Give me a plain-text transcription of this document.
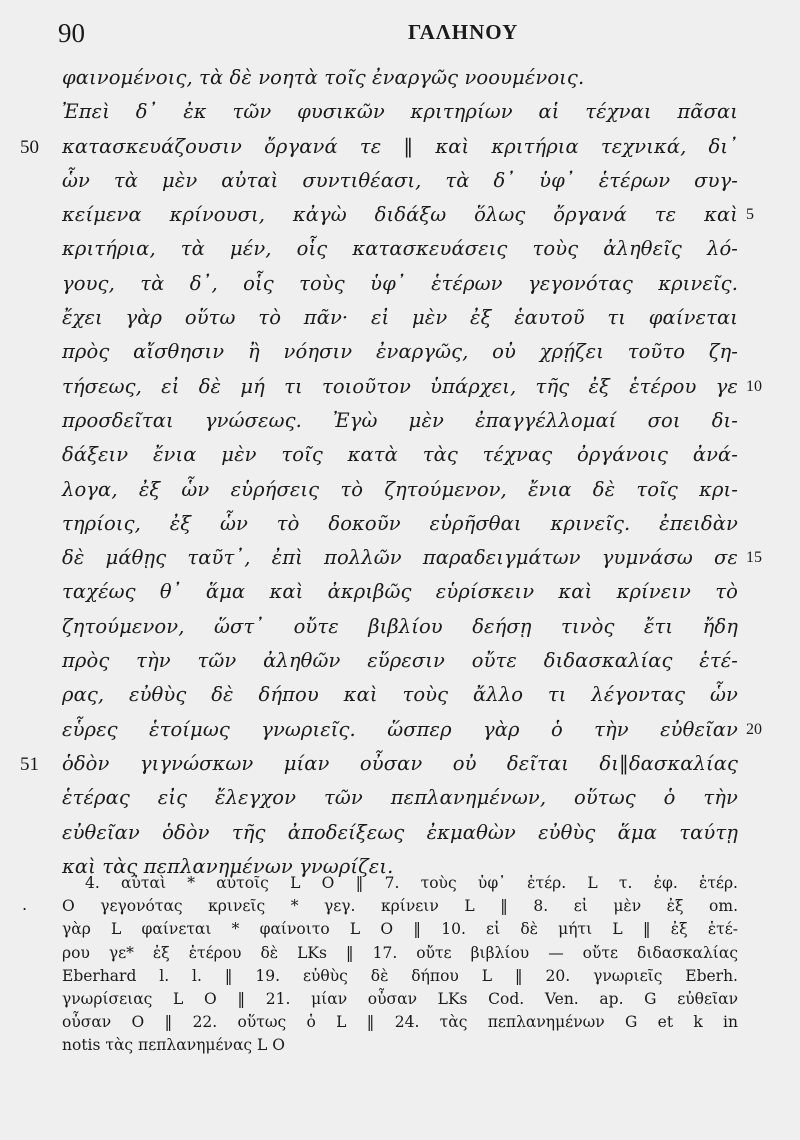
90	ΓΑΛΗΝΟΥ
φαινομένοις, τὰ δὲ νοητὰ τοῖς ἐναργῶς νοουμένοις.
Ἐπεὶ δ᾿ ἐκ τῶν φυσικῶν κριτηρίων αἱ τέχναι πᾶσαι
κατασκευάζουσιν ὄργανά τε ‖ καὶ κριτήρια τεχνικά, δι᾿
50
ὧν τὰ μὲν αὐταὶ συντιθέασι, τὰ δ᾿ ὑφ᾿ ἑτέρων συγ-
κείμενα κρίνουσι, κἀγὼ διδάξω ὅλως ὄργανά τε καὶ 5
κριτήρια, τὰ μέν, οἷς κατασκευάσεις τοὺς ἀληθεῖς λό-
γους, τὰ δ᾿, οἷς τοὺς ὑφ᾿ ἑτέρων γεγονότας κρινεῖς.
ἔχει γὰρ οὕτω τὸ πᾶν· εἰ μὲν ἐξ ἑαυτοῦ τι φαίνεται
πρὸς αἴσθησιν ἢ νόησιν ἐναργῶς, οὐ χρῄζει τοῦτο ζη-
τήσεως, εἰ δὲ μή τι τοιοῦτον ὑπάρχει, τῆς ἐξ ἑτέρου γε 10
προσδεῖται γνώσεως. Ἐγὼ μὲν ἐπαγγέλλομαί σοι δι-
δάξειν ἔνια μὲν τοῖς κατὰ τὰς τέχνας ὀργάνοις ἀνά-
λογα, ἐξ ὧν εὑρήσεις τὸ ζητούμενον, ἔνια δὲ τοῖς κρι-
τηρίοις, ἐξ ὧν τὸ δοκοῦν εὑρῆσθαι κρινεῖς. ἐπειδὰν
δὲ μάθῃς ταῦτ᾿, ἐπὶ πολλῶν παραδειγμάτων γυμνάσω σε 15
ταχέως θ᾿ ἅμα καὶ ἀκριβῶς εὑρίσκειν καὶ κρίνειν τὸ
ζητούμενον, ὥστ᾿ οὔτε βιβλίου δεήσῃ τινὸς ἔτι ἤδη
πρὸς τὴν τῶν ἀληθῶν εὕρεσιν οὔτε διδασκαλίας ἑτέ-
ρας, εὐθὺς δὲ δήπου καὶ τοὺς ἄλλο τι λέγοντας ὧν
εὗρες ἑτοίμως γνωριεῖς. ὥσπερ γὰρ ὁ τὴν εὐθεῖαν 20
ὁδὸν γιγνώσκων μίαν οὖσαν οὐ δεῖται δι‖δασκαλίας
51
ἑτέρας εἰς ἔλεγχον τῶν πεπλανημένων, οὕτως ὁ τὴν
εὐθεῖαν ὁδὸν τῆς ἀποδείξεως ἐκμαθὼν εὐθὺς ἅμα ταύτῃ
καὶ τὰς πεπλανημένων γνωρίζει.
4. αὐταὶ * αὐτοῖς L O ‖ 7. τοὺς ὑφ᾿ ἑτέρ. L τ. ἐφ. ἑτέρ.
O γεγονότας κρινεῖς * γεγ. κρίνειν L ‖ 8. εἰ μὲν ἐξ om.
.
γὰρ L φαίνεται * φαίνοιτο L O ‖ 10. εἰ δὲ μήτι L ‖ ἐξ ἑτέ-
ρου γε* ἐξ ἑτέρου δὲ LKs ‖ 17. οὔτε βιβλίου — οὔτε διδασκαλίας
Eberhard l. l. ‖ 19. εὐθὺς δὲ δήπου L ‖ 20. γνωριεῖς Eberh.
γνωρίσειας L O ‖ 21. μίαν οὖσαν LKs Cod. Ven. ap. G εὐθεῖαν
οὖσαν O ‖ 22. οὕτως ὁ L ‖ 24. τὰς πεπλανημένων G et k in
notis τὰς πεπλανημένας L O
